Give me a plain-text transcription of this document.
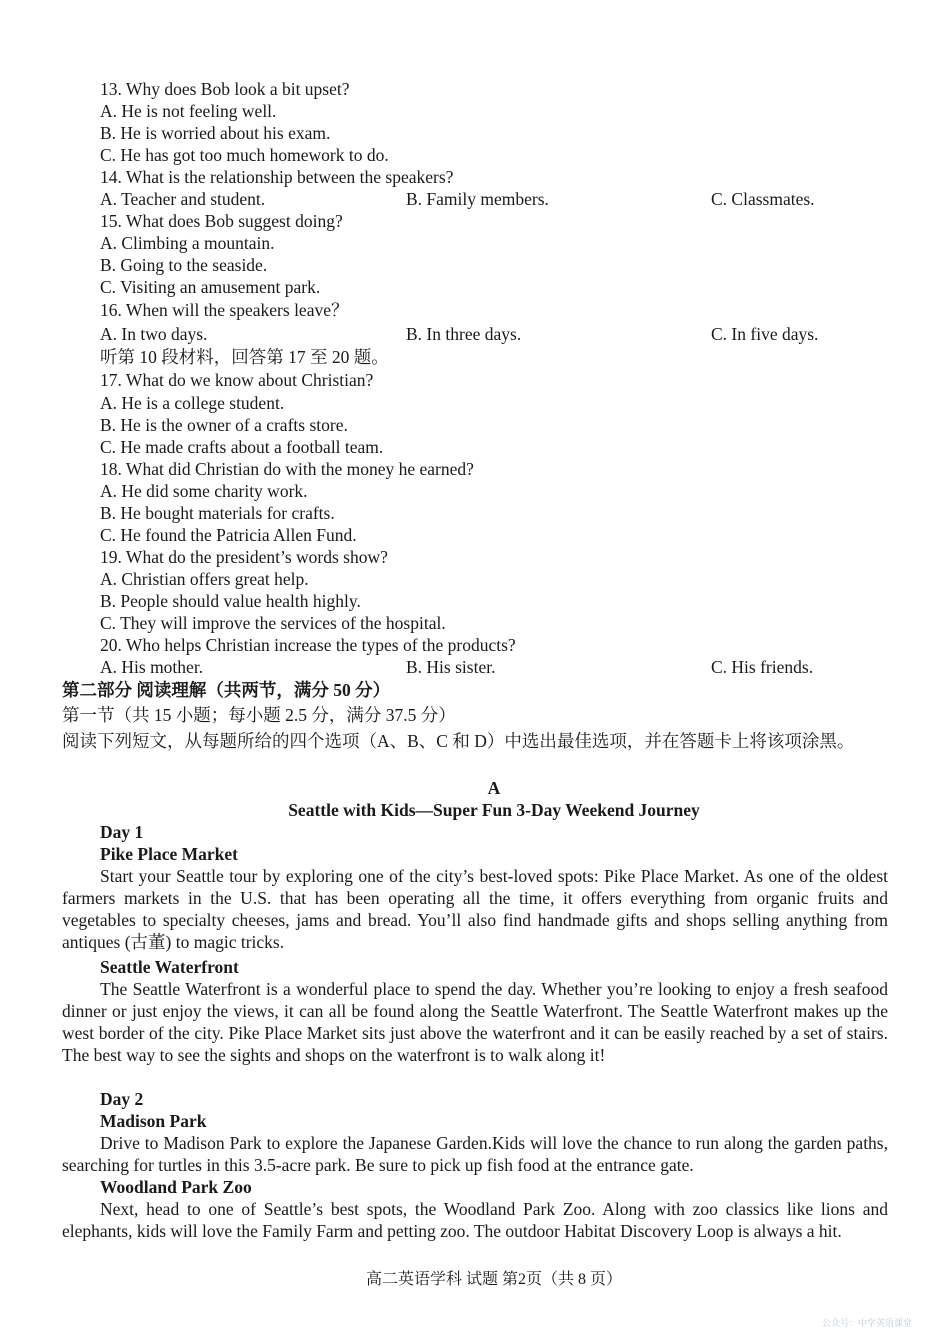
13. Why does Bob look a bit upset?
A. He is not feeling well.
B. He is worried about his exam.
C. He has got too much homework to do.
14. What is the relationship between the speakers?
A. Teacher and student.	B. Family members.	C. Classmates.
15. What does Bob suggest doing?
A. Climbing a mountain.
B. Going to the seaside.
C. Visiting an amusement park.
16. When will the speakers leave？
A. In two days.	B. In three days.	C. In five days.
听第 10 段材料，回答第 17 至 20 题。
17. What do we know about Christian?
A. He is a college student.
B. He is the owner of a crafts store.
C. He made crafts about a football team.
18. What did Christian do with the money he earned?
A. He did some charity work.
B. He bought materials for crafts.
C. He found the Patricia Allen Fund.
19. What do the president’s words show?
A. Christian offers great help.
B. People should value health highly.
C. They will improve the services of the hospital.
20. Who helps Christian increase the types of the products?
A. His mother.	B. His sister.	C. His friends.
第二部分 阅读理解（共两节，满分 50 分）
第一节（共 15 小题；每小题 2.5 分，满分 37.5 分）
阅读下列短文，从每题所给的四个选项（A、B、C 和 D）中选出最佳选项，并在答题卡上将该项涂黑。
A
Seattle with Kids—Super Fun 3-Day Weekend Journey
Day 1
Pike Place Market
Start your Seattle tour by exploring one of the city’s best-loved spots: Pike Place Market. As one of the oldest farmers markets in the U.S. that has been operating all the time, it offers everything from organic fruits and vegetables to specialty cheeses, jams and bread. You’ll also find handmade gifts and shops selling anything from antiques (古董) to magic tricks.
Seattle Waterfront
The Seattle Waterfront is a wonderful place to spend the day. Whether you’re looking to enjoy a fresh seafood dinner or just enjoy the views, it can all be found along the Seattle Waterfront. The Seattle Waterfront makes up the west border of the city. Pike Place Market sits just above the waterfront and it can be easily reached by a set of stairs. The best way to see the sights and shops on the waterfront is to walk along it!
Day 2
Madison Park
Drive to Madison Park to explore the Japanese Garden.Kids will love the chance to run along the garden paths, searching for turtles in this 3.5-acre park. Be sure to pick up fish food at the entrance gate.
Woodland Park Zoo
Next, head to one of Seattle’s best spots, the Woodland Park Zoo. Along with zoo classics like lions and elephants, kids will love the Family Farm and petting zoo. The outdoor Habitat Discovery Loop is always a hit.
高二英语学科 试题 第2页（共 8 页）
公众号：中学英语课堂
